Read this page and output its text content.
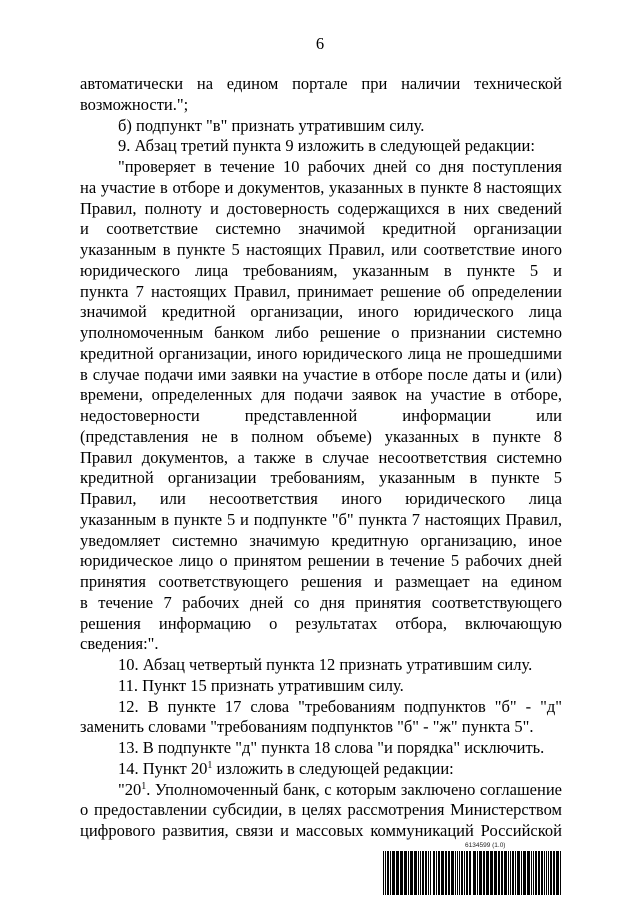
6
автоматически на едином портале при наличии технической
возможности.";
б) подпункт "в" признать утратившим силу.
9. Абзац третий пункта 9 изложить в следующей редакции:
"проверяет в течение 10 рабочих дней со дня поступления
на участие в отборе и документов, указанных в пункте 8 настоящих
Правил, полноту и достоверность содержащихся в них сведений
и соответствие системно значимой кредитной организации
указанным в пункте 5 настоящих Правил, или соответствие иного
юридического лица требованиям, указанным в пункте 5 и
пункта 7 настоящих Правил, принимает решение об определении
значимой кредитной организации, иного юридического лица
уполномоченным банком либо решение о признании системно
кредитной организации, иного юридического лица не прошедшими
в случае подачи ими заявки на участие в отборе после даты и (или)
времени, определенных для подачи заявок на участие в отборе,
недостоверности представленной информации или
(представления не в полном объеме) указанных в пункте 8
Правил документов, а также в случае несоответствия системно
кредитной организации требованиям, указанным в пункте 5
Правил, или несоответствия иного юридического лица
указанным в пункте 5 и подпункте "б" пункта 7 настоящих Правил,
уведомляет системно значимую кредитную организацию, иное
юридическое лицо о принятом решении в течение 5 рабочих дней
принятия соответствующего решения и размещает на едином
в течение 7 рабочих дней со дня принятия соответствующего
решения информацию о результатах отбора, включающую
сведения:".
10. Абзац четвертый пункта 12 признать утратившим силу.
11. Пункт 15 признать утратившим силу.
12. В пункте 17 слова "требованиям подпунктов "б" - "д"
заменить словами "требованиям подпунктов "б" - "ж" пункта 5".
13. В подпункте "д" пункта 18 слова "и порядка" исключить.
14. Пункт $20^1$ изложить в следующей редакции:
"$20^1$. Уполномоченный банк, с которым заключено соглашение
о предоставлении субсидии, в целях рассмотрения Министерством
цифрового развития, связи и массовых коммуникаций Российской
6134599 (1.0)
